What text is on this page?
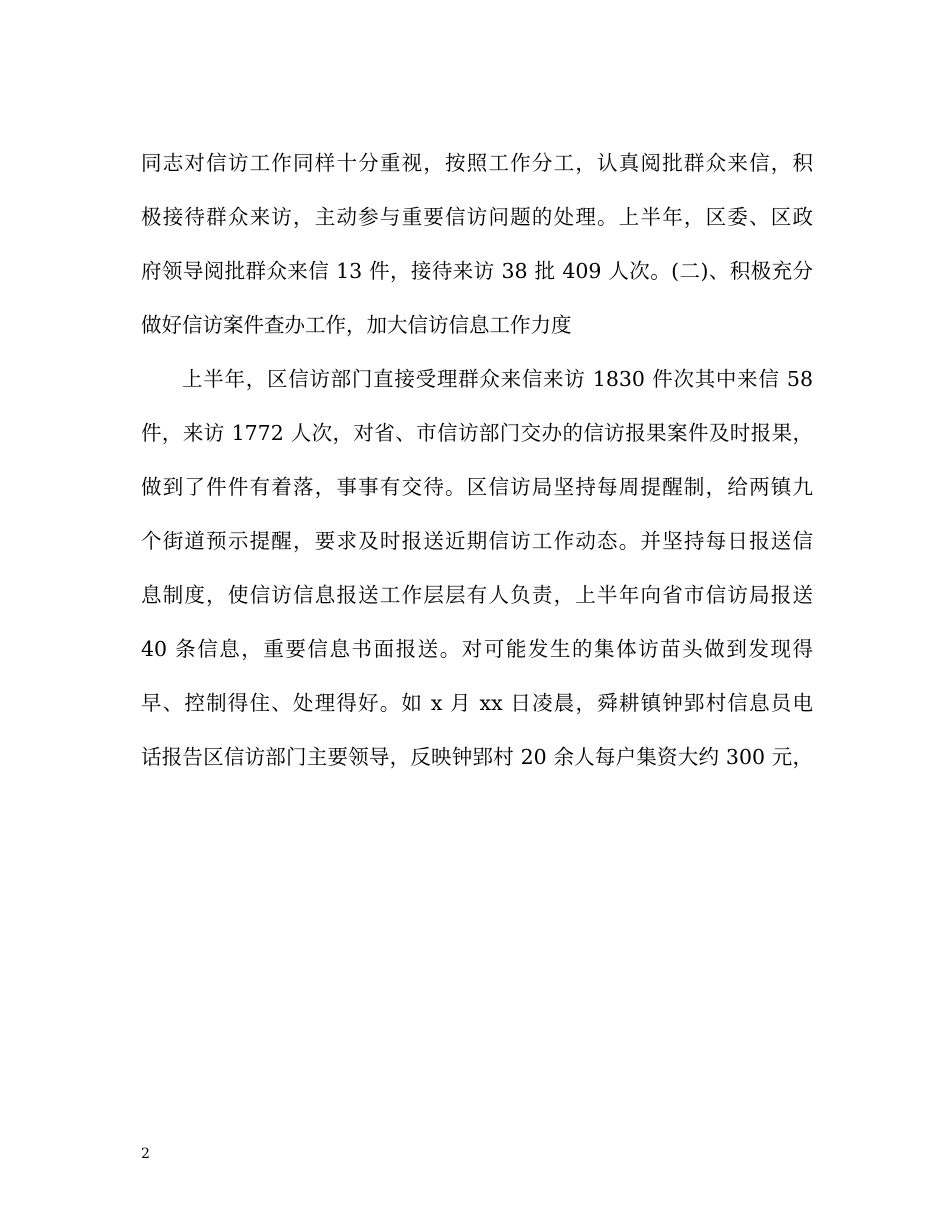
同志对信访工作同样十分重视，按照工作分工，认真阅批群众来信，积
极接待群众来访，主动参与重要信访问题的处理。上半年，区委、区政
府领导阅批群众来信 13 件，接待来访 38 批 409 人次。(二)、积极充分
做好信访案件查办工作，加大信访信息工作力度
上半年，区信访部门直接受理群众来信来访 1830 件次其中来信 58
件，来访 1772 人次，对省、市信访部门交办的信访报果案件及时报果，
做到了件件有着落，事事有交待。区信访局坚持每周提醒制，给两镇九
个街道预示提醒，要求及时报送近期信访工作动态。并坚持每日报送信
息制度，使信访信息报送工作层层有人负责，上半年向省市信访局报送
40 条信息，重要信息书面报送。对可能发生的集体访苗头做到发现得
早、控制得住、处理得好。如 x 月 xx 日凌晨，舜耕镇钟郢村信息员电
话报告区信访部门主要领导，反映钟郢村 20 余人每户集资大约 300 元，
2
